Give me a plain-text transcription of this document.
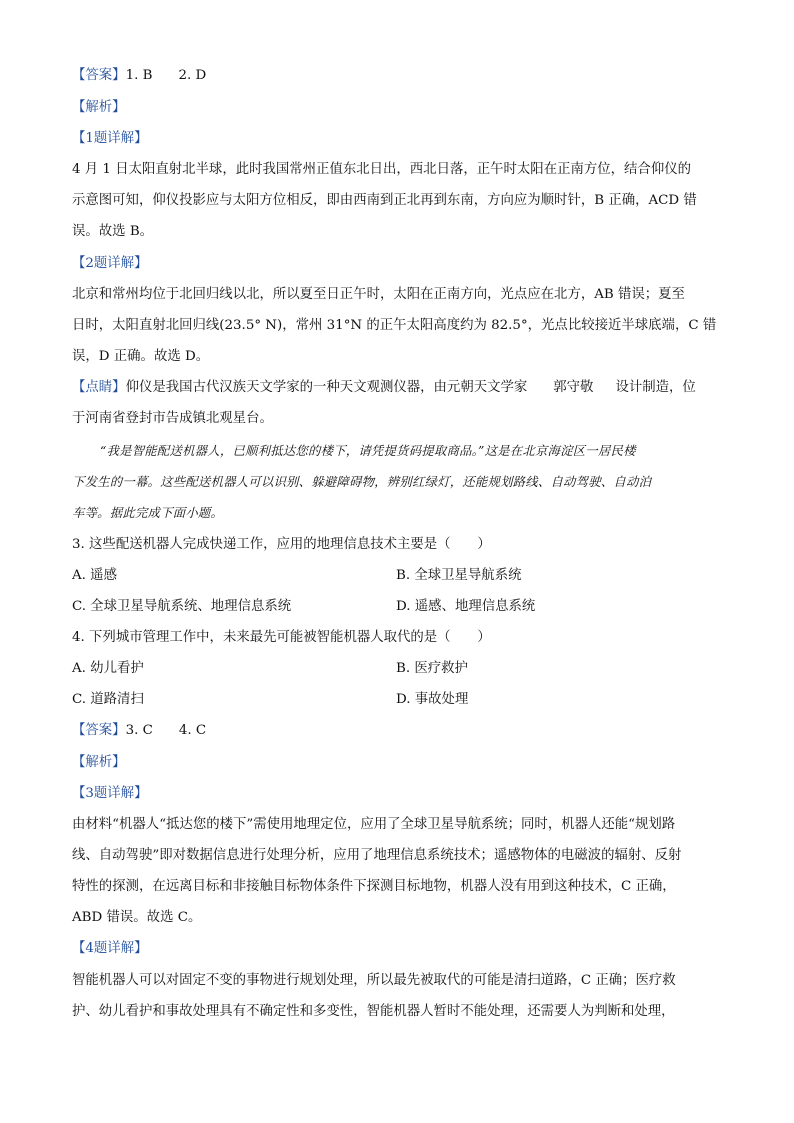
【答案】1. B 2. D
【解析】
【1题详解】
4 月 1 日太阳直射北半球，此时我国常州正值东北日出，西北日落，正午时太阳在正南方位，结合仰仪的
示意图可知，仰仪投影应与太阳方位相反，即由西南到正北再到东南，方向应为顺时针，B 正确，ACD 错
误。故选 B。
【2题详解】
北京和常州均位于北回归线以北，所以夏至日正午时，太阳在正南方向，光点应在北方，AB 错误；夏至
日时，太阳直射北回归线(23.5° N)，常州 31°N 的正午太阳高度约为 82.5°，光点比较接近半球底端，C 错
误，D 正确。故选 D。
【点睛】仰仪是我国古代汉族天文学家的一种天文观测仪器，由元朝天文学家 郭守敬 设计制造，位
于河南省登封市告成镇北观星台。
“我是智能配送机器人，已顺利抵达您的楼下，请凭提货码提取商品。”这是在北京海淀区一居民楼
下发生的一幕。这些配送机器人可以识别、躲避障碍物，辨别红绿灯，还能规划路线、自动驾驶、自动泊
车等。据此完成下面小题。
3. 这些配送机器人完成快递工作，应用的地理信息技术主要是（　　）
A. 遥感	B. 全球卫星导航系统
C. 全球卫星导航系统、地理信息系统	D. 遥感、地理信息系统
4. 下列城市管理工作中，未来最先可能被智能机器人取代的是（　　）
A. 幼儿看护	B. 医疗救护
C. 道路清扫	D. 事故处理
【答案】3. C 4. C
【解析】
【3题详解】
由材料“机器人“抵达您的楼下”需使用地理定位，应用了全球卫星导航系统；同时，机器人还能“规划路
线、自动驾驶”即对数据信息进行处理分析，应用了地理信息系统技术；遥感物体的电磁波的辐射、反射
特性的探测，在远离目标和非接触目标物体条件下探测目标地物，机器人没有用到这种技术，C 正确，
ABD 错误。故选 C。
【4题详解】
智能机器人可以对固定不变的事物进行规划处理，所以最先被取代的可能是清扫道路，C 正确；医疗救
护、幼儿看护和事故处理具有不确定性和多变性，智能机器人暂时不能处理，还需要人为判断和处理，
